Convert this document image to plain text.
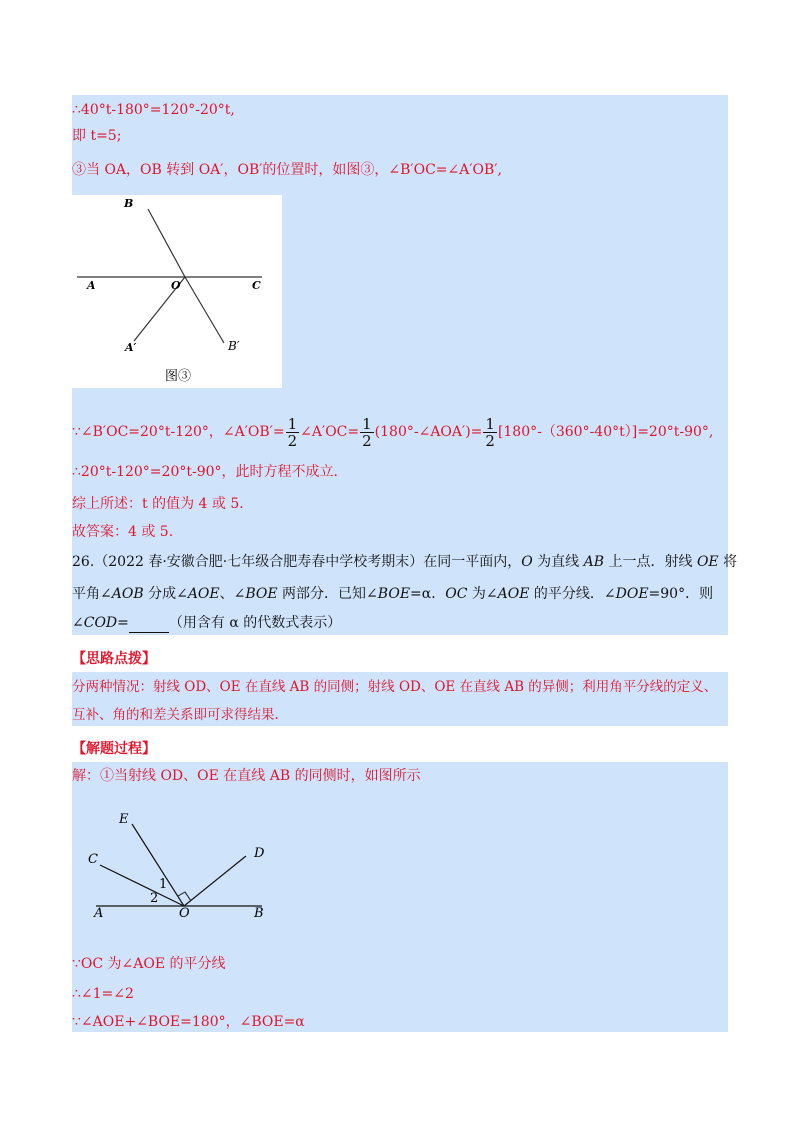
∴40°t-180°=120°-20°t,
即 t=5;
③当 OA，OB 转到 OA′，OB′的位置时，如图③，∠B′OC=∠A′OB′,
B
A	O	C
A′	B′
图③
∵∠B′OC=20°t-120°，∠A′OB′= $\frac{1}{2}$ ∠A′OC= $\frac{1}{2}$ (180°-∠AOA′)= $\frac{1}{2} [180^\circ-(360^\circ-40^\circ t)]=20^\circ t-90^\circ$,
∴20°t-120°=20°t-90°，此时方程不成立.
综上所述：t 的值为 4 或 5.
故答案：4 或 5.
26.（2022 春·安徽合肥·七年级合肥寿春中学校考期末）在同一平面内，O 为直线 AB 上一点．射线 OE 将
平角∠AOB 分成∠AOE、∠BOE 两部分．已知∠BOE=α．OC 为∠AOE 的平分线．∠DOE=90°．则
∠COD=	（用含有 α 的代数式表示）
【思路点拨】
分两种情况：射线 OD、OE 在直线 AB 的同侧；射线 OD、OE 在直线 AB 的异侧；利用角平分线的定义、
互补、角的和差关系即可求得结果.
【解题过程】
解：①当射线 OD、OE 在直线 AB 的同侧时，如图所示
E
C	D
A	O	B
1
2
∵OC 为∠AOE 的平分线
∴∠1=∠2
∵∠AOE+∠BOE=180°，∠BOE=α
